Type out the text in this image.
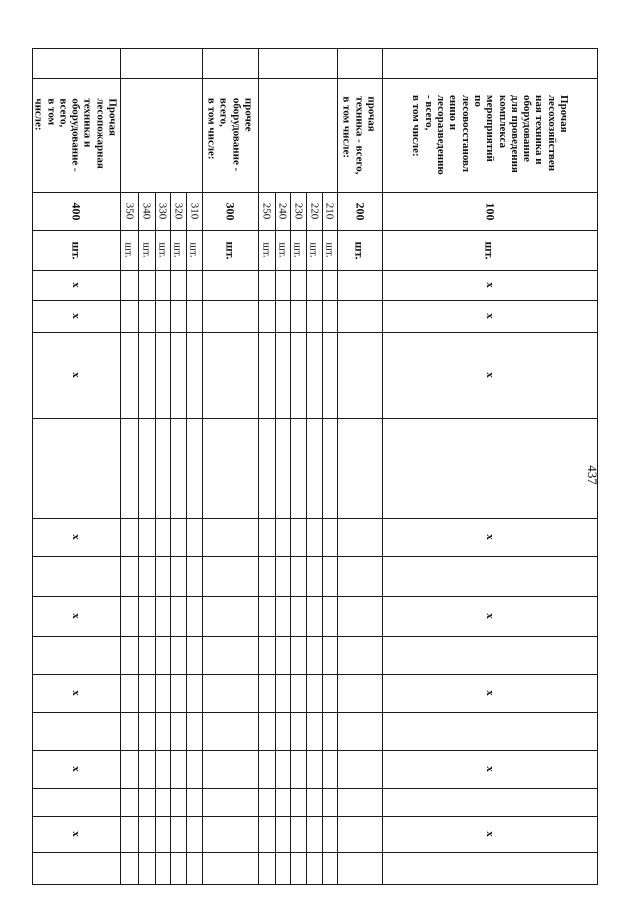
Прочая
лесохозяйствен
ная техника и
оборудование
для проведения
комплекса
мероприятий
по
лесовосстановл
ению и
лесоразведению
- всего,
в том числе:
прочая
техника - всего,
в том числе:
прочее
оборудование -
всего,
в том числе:
Прочая
лесопожарная
техника и
оборудование -
всего,
в том
числе:
100
200
210
220
230
240
250
300
310
320
330
340
350
400
шт.
шт.
шт.
шт.
шт.
шт.
шт.
шт.
шт.
шт.
шт.
шт.
шт.
шт.
х
х
х
х
х
х
х
х
х
х
х
х
х
х
х
х
437
